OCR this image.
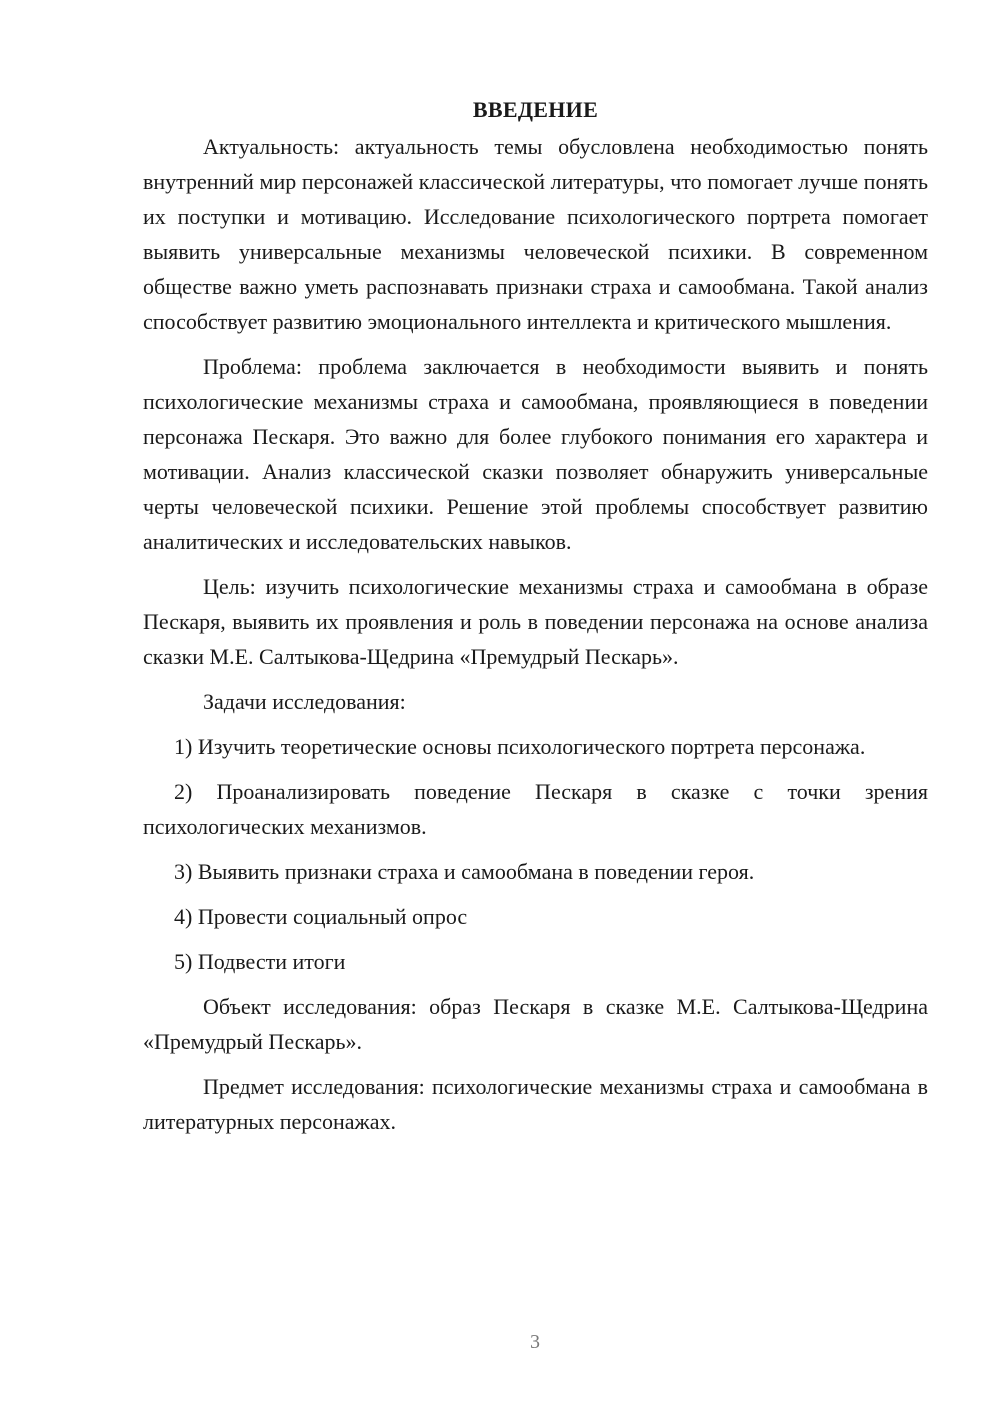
ВВЕДЕНИЕ

Актуальность: актуальность темы обусловлена необходимостью понять внутренний мир персонажей классической литературы, что помогает лучше понять их поступки и мотивацию. Исследование психологического портрета помогает выявить универсальные механизмы человеческой психики. В современном обществе важно уметь распознавать признаки страха и самообмана. Такой анализ способствует развитию эмоционального интеллекта и критического мышления.

Проблема: проблема заключается в необходимости выявить и понять психологические механизмы страха и самообмана, проявляющиеся в поведении персонажа Пескаря. Это важно для более глубокого понимания его характера и мотивации. Анализ классической сказки позволяет обнаружить универсальные черты человеческой психики. Решение этой проблемы способствует развитию аналитических и исследовательских навыков.

Цель: изучить психологические механизмы страха и самообмана в образе Пескаря, выявить их проявления и роль в поведении персонажа на основе анализа сказки М.Е. Салтыкова-Щедрина «Премудрый Пескарь».

Задачи исследования:

1) Изучить теоретические основы психологического портрета персонажа.

2) Проанализировать поведение Пескаря в сказке с точки зрения психологических механизмов.

3) Выявить признаки страха и самообмана в поведении героя.

4) Провести социальный опрос

5) Подвести итоги

Объект исследования: образ Пескаря в сказке М.Е. Салтыкова-Щедрина «Премудрый Пескарь».

Предмет исследования: психологические механизмы страха и самообмана в литературных персонажах.

3
